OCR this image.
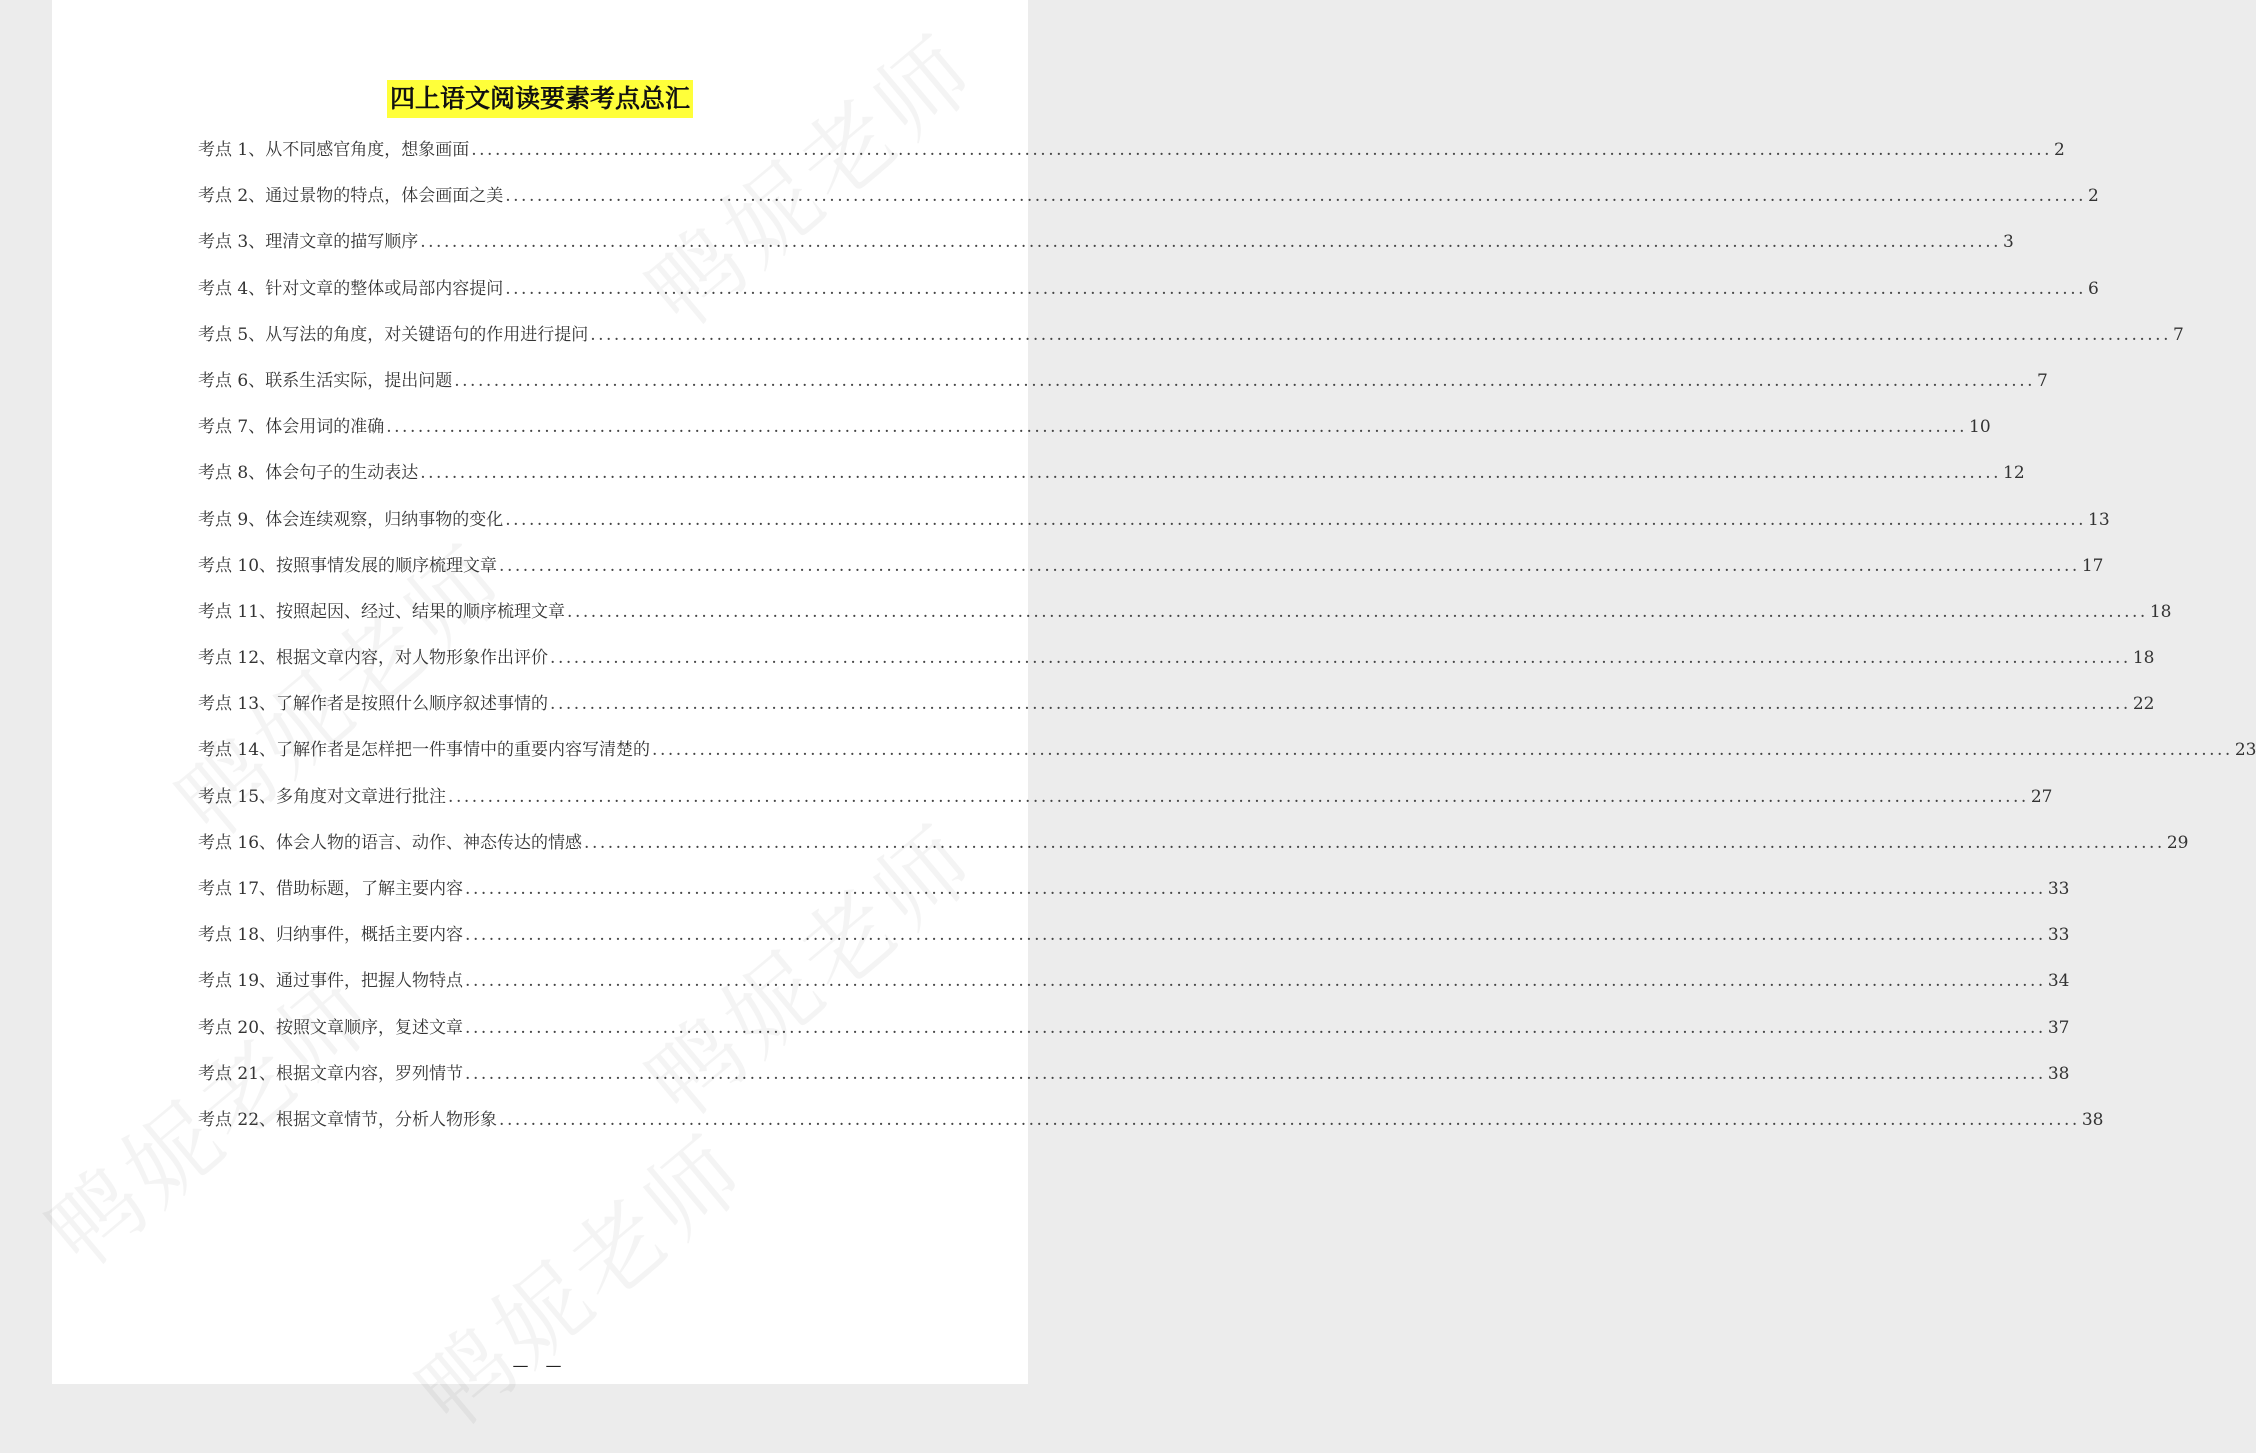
四上语文阅读要素考点总汇
考点 1、从不同感官角度，想象画面 ........................................................................................................................................................................................................ 2
考点 2、通过景物的特点，体会画面之美 ........................................................................................................................................................................................................ 2
考点 3、理清文章的描写顺序 ........................................................................................................................................................................................................ 3
考点 4、针对文章的整体或局部内容提问 ........................................................................................................................................................................................................ 6
考点 5、从写法的角度，对关键语句的作用进行提问 ........................................................................................................................................................................................................ 7
考点 6、联系生活实际，提出问题 ........................................................................................................................................................................................................ 7
考点 7、体会用词的准确 ........................................................................................................................................................................................................ 10
考点 8、体会句子的生动表达 ........................................................................................................................................................................................................ 12
考点 9、体会连续观察，归纳事物的变化 ........................................................................................................................................................................................................ 13
考点 10、按照事情发展的顺序梳理文章 ........................................................................................................................................................................................................ 17
考点 11、按照起因、经过、结果的顺序梳理文章 ........................................................................................................................................................................................................ 18
考点 12、根据文章内容，对人物形象作出评价 ........................................................................................................................................................................................................ 18
考点 13、了解作者是按照什么顺序叙述事情的 ........................................................................................................................................................................................................ 22
考点 14、了解作者是怎样把一件事情中的重要内容写清楚的 ........................................................................................................................................................................................................ 23
考点 15、多角度对文章进行批注 ........................................................................................................................................................................................................ 27
考点 16、体会人物的语言、动作、神态传达的情感 ........................................................................................................................................................................................................ 29
考点 17、借助标题，了解主要内容 ........................................................................................................................................................................................................ 33
考点 18、归纳事件，概括主要内容 ........................................................................................................................................................................................................ 33
考点 19、通过事件，把握人物特点 ........................................................................................................................................................................................................ 34
考点 20、按照文章顺序，复述文章 ........................................................................................................................................................................................................ 37
考点 21、根据文章内容，罗列情节 ........................................................................................................................................................................................................ 38
考点 22、根据文章情节，分析人物形象 ........................................................................................................................................................................................................ 38
— —
